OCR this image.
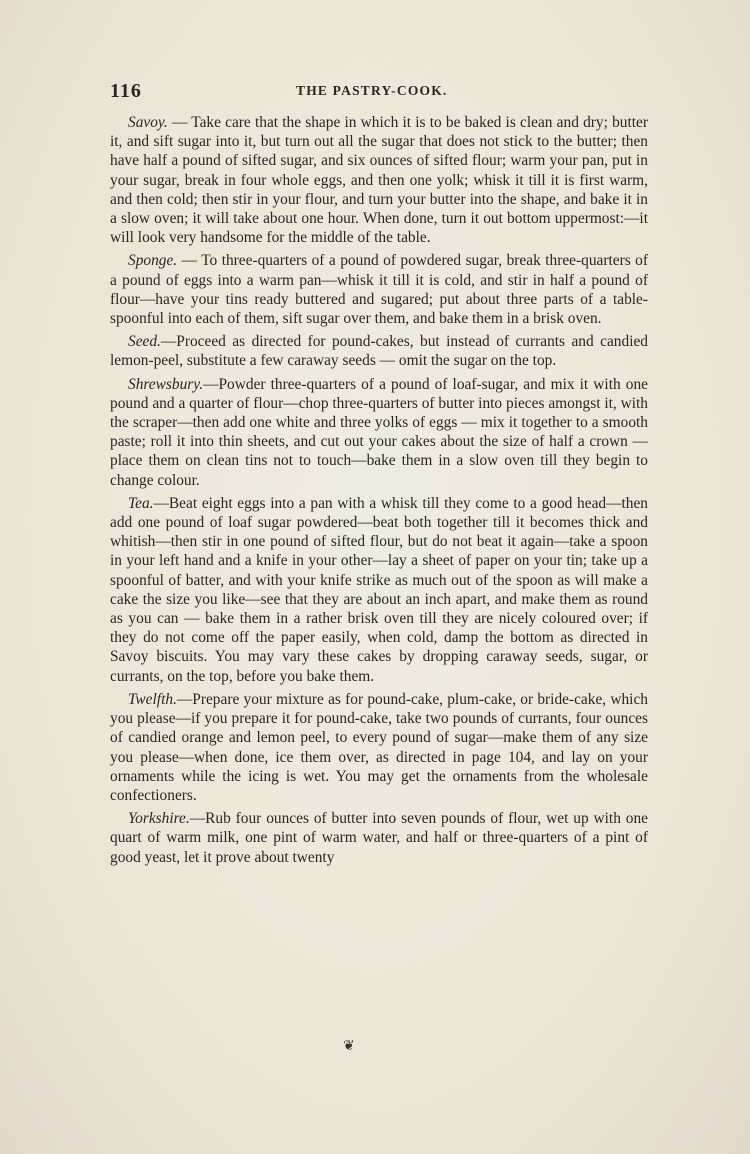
116	THE PASTRY-COOK.

Savoy. — Take care that the shape in which it is to be baked is clean and dry; butter it, and sift sugar into it, but turn out all the sugar that does not stick to the butter; then have half a pound of sifted sugar, and six ounces of sifted flour; warm your pan, put in your sugar, break in four whole eggs, and then one yolk; whisk it till it is first warm, and then cold; then stir in your flour, and turn your butter into the shape, and bake it in a slow oven; it will take about one hour. When done, turn it out bottom uppermost:—it will look very handsome for the middle of the table.

Sponge. — To three-quarters of a pound of powdered sugar, break three-quarters of a pound of eggs into a warm pan—whisk it till it is cold, and stir in half a pound of flour—have your tins ready buttered and sugared; put about three parts of a table-spoonful into each of them, sift sugar over them, and bake them in a brisk oven.

Seed.—Proceed as directed for pound-cakes, but instead of currants and candied lemon-peel, substitute a few caraway seeds — omit the sugar on the top.

Shrewsbury.—Powder three-quarters of a pound of loaf-sugar, and mix it with one pound and a quarter of flour—chop three-quarters of butter into pieces amongst it, with the scraper—then add one white and three yolks of eggs — mix it together to a smooth paste; roll it into thin sheets, and cut out your cakes about the size of half a crown —place them on clean tins not to touch—bake them in a slow oven till they begin to change colour.

Tea.—Beat eight eggs into a pan with a whisk till they come to a good head—then add one pound of loaf sugar powdered—beat both together till it becomes thick and whitish—then stir in one pound of sifted flour, but do not beat it again—take a spoon in your left hand and a knife in your other—lay a sheet of paper on your tin; take up a spoonful of batter, and with your knife strike as much out of the spoon as will make a cake the size you like—see that they are about an inch apart, and make them as round as you can — bake them in a rather brisk oven till they are nicely coloured over; if they do not come off the paper easily, when cold, damp the bottom as directed in Savoy biscuits. You may vary these cakes by dropping caraway seeds, sugar, or currants, on the top, before you bake them.

Twelfth.—Prepare your mixture as for pound-cake, plum-cake, or bride-cake, which you please—if you prepare it for pound-cake, take two pounds of currants, four ounces of candied orange and lemon peel, to every pound of sugar—make them of any size you please—when done, ice them over, as directed in page 104, and lay on your ornaments while the icing is wet. You may get the ornaments from the wholesale confectioners.

Yorkshire.—Rub four ounces of butter into seven pounds of flour, wet up with one quart of warm milk, one pint of warm water, and half or three-quarters of a pint of good yeast, let it prove about twenty

❦
